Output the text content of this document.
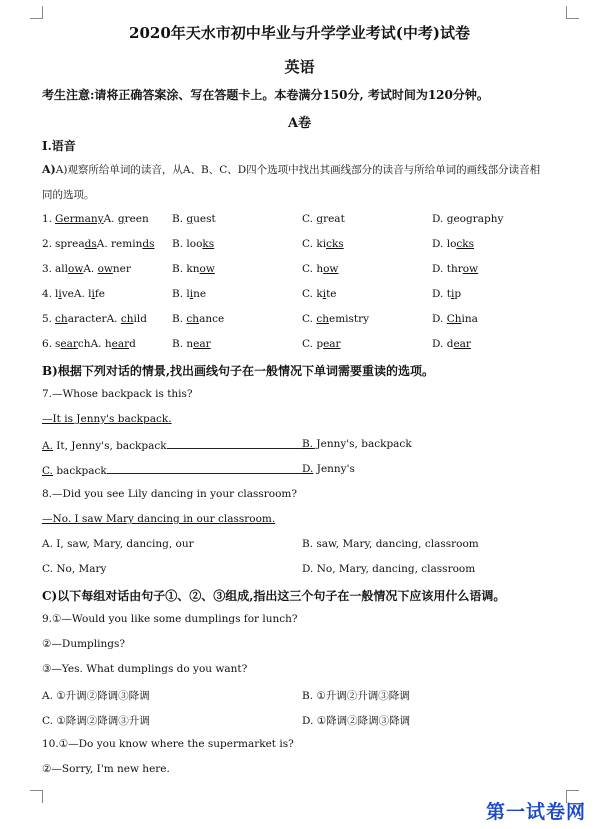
2020年天水市初中毕业与升学学业考试(中考)试卷
英语
考生注意:请将正确答案涂、写在答题卡上。本卷满分150分, 考试时间为120分钟。
A卷
I.语音
A)A)观察所给单词的读音，从A、B、C、D四个选项中找出其画线部分的读音与所给单词的画线部分读音相
同的选项。
1. GermanyA. green B. guest	C. great	D. geography
2. spreadsA. reminds B. looks	C. kicks	D. locks
3. allowA. owner	B. know	C. how	D. throw
4. liveA. life	B. line	C. kite	D. tip
5. characterA. child B. chance	C. chemistry	D. China
6. searchA. heard	B. near	C. pear	D. dear
B)根据下列对话的情景,找出画线句子在一般情况下单词需要重读的选项。
7.—Whose backpack is this?
—It is Jenny's backpack.
A. It, Jenny's, backpack	B. Jenny's, backpack
C. backpack	D. Jenny's
8.—Did you see Lily dancing in your classroom?
—No. I saw Mary dancing in our classroom.
A. I, saw, Mary, dancing, our	B. saw, Mary, dancing, classroom
C. No, Mary	D. No, Mary, dancing, classroom
C)以下每组对话由句子①、②、③组成,指出这三个句子在一般情况下应该用什么语调。
9.①—Would you like some dumplings for lunch?
②—Dumplings?
③—Yes. What dumplings do you want?
A. ①升调②降调③降调	B. ①升调②升调③降调
C. ①降调②降调③升调	D. ①降调②降调③降调
10.①—Do you know where the supermarket is?
②—Sorry, I'm new here.
第一试卷网
